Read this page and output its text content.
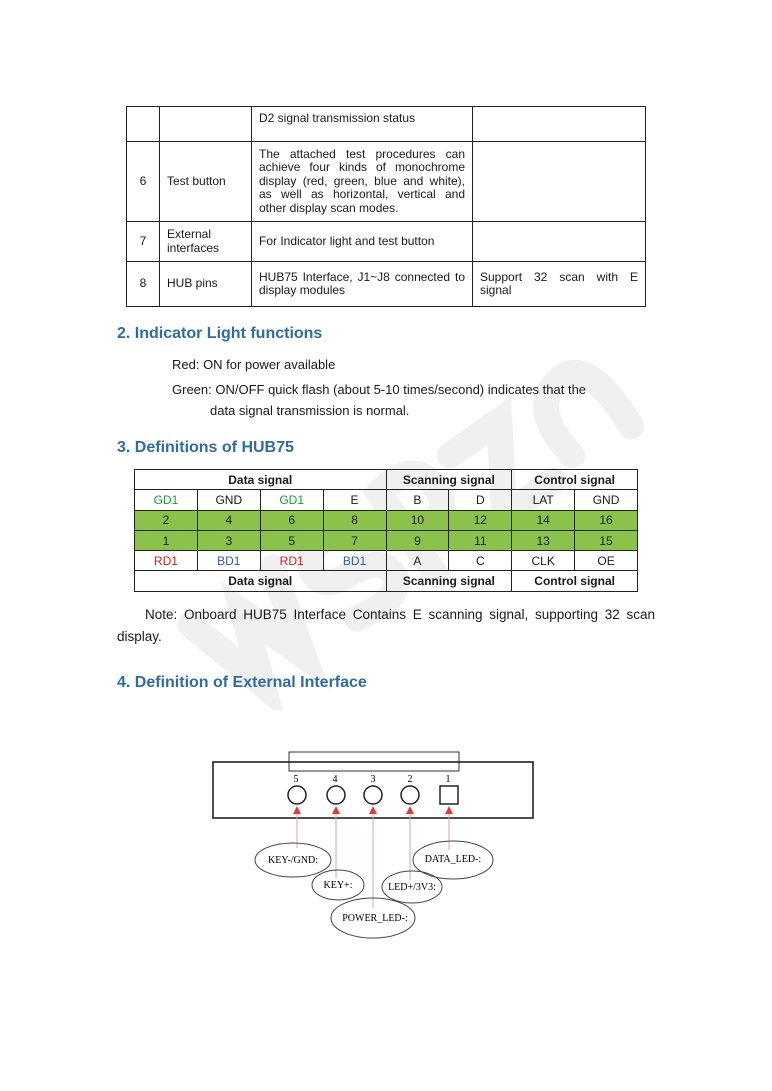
		D2 signal transmission status	
6	Test button	The attached test procedures can achieve four kinds of monochrome display (red, green, blue and white), as well as horizontal, vertical and other display scan modes.	
7	External interfaces	For Indicator light and test button	
8	HUB pins	HUB75 Interface, J1~J8 connected to display modules	Support 32 scan with E signal
2. Indicator Light functions

Red: ON for power available

Green: ON/OFF quick flash (about 5-10 times/second) indicates that the

data signal transmission is normal.

3. Definitions of HUB75
Data signal				Scanning signal		Control signal	
GD1	GND	GD1	E	B	D	LAT	GND
2	4	6	8	10	12	14	16
1	3	5	7	9	11	13	15
RD1	BD1	RD1	BD1	A	C	CLK	OE
Data signal				Scanning signal		Control signal	

Note: Onboard HUB75 Interface Contains E scanning signal, supporting 32 scan display.

4. Definition of External Interface
5	4	3	2	1
KEY-/GND:
KEY+:
POWER_LED-:
LED+/3V3:
DATA_LED-:
